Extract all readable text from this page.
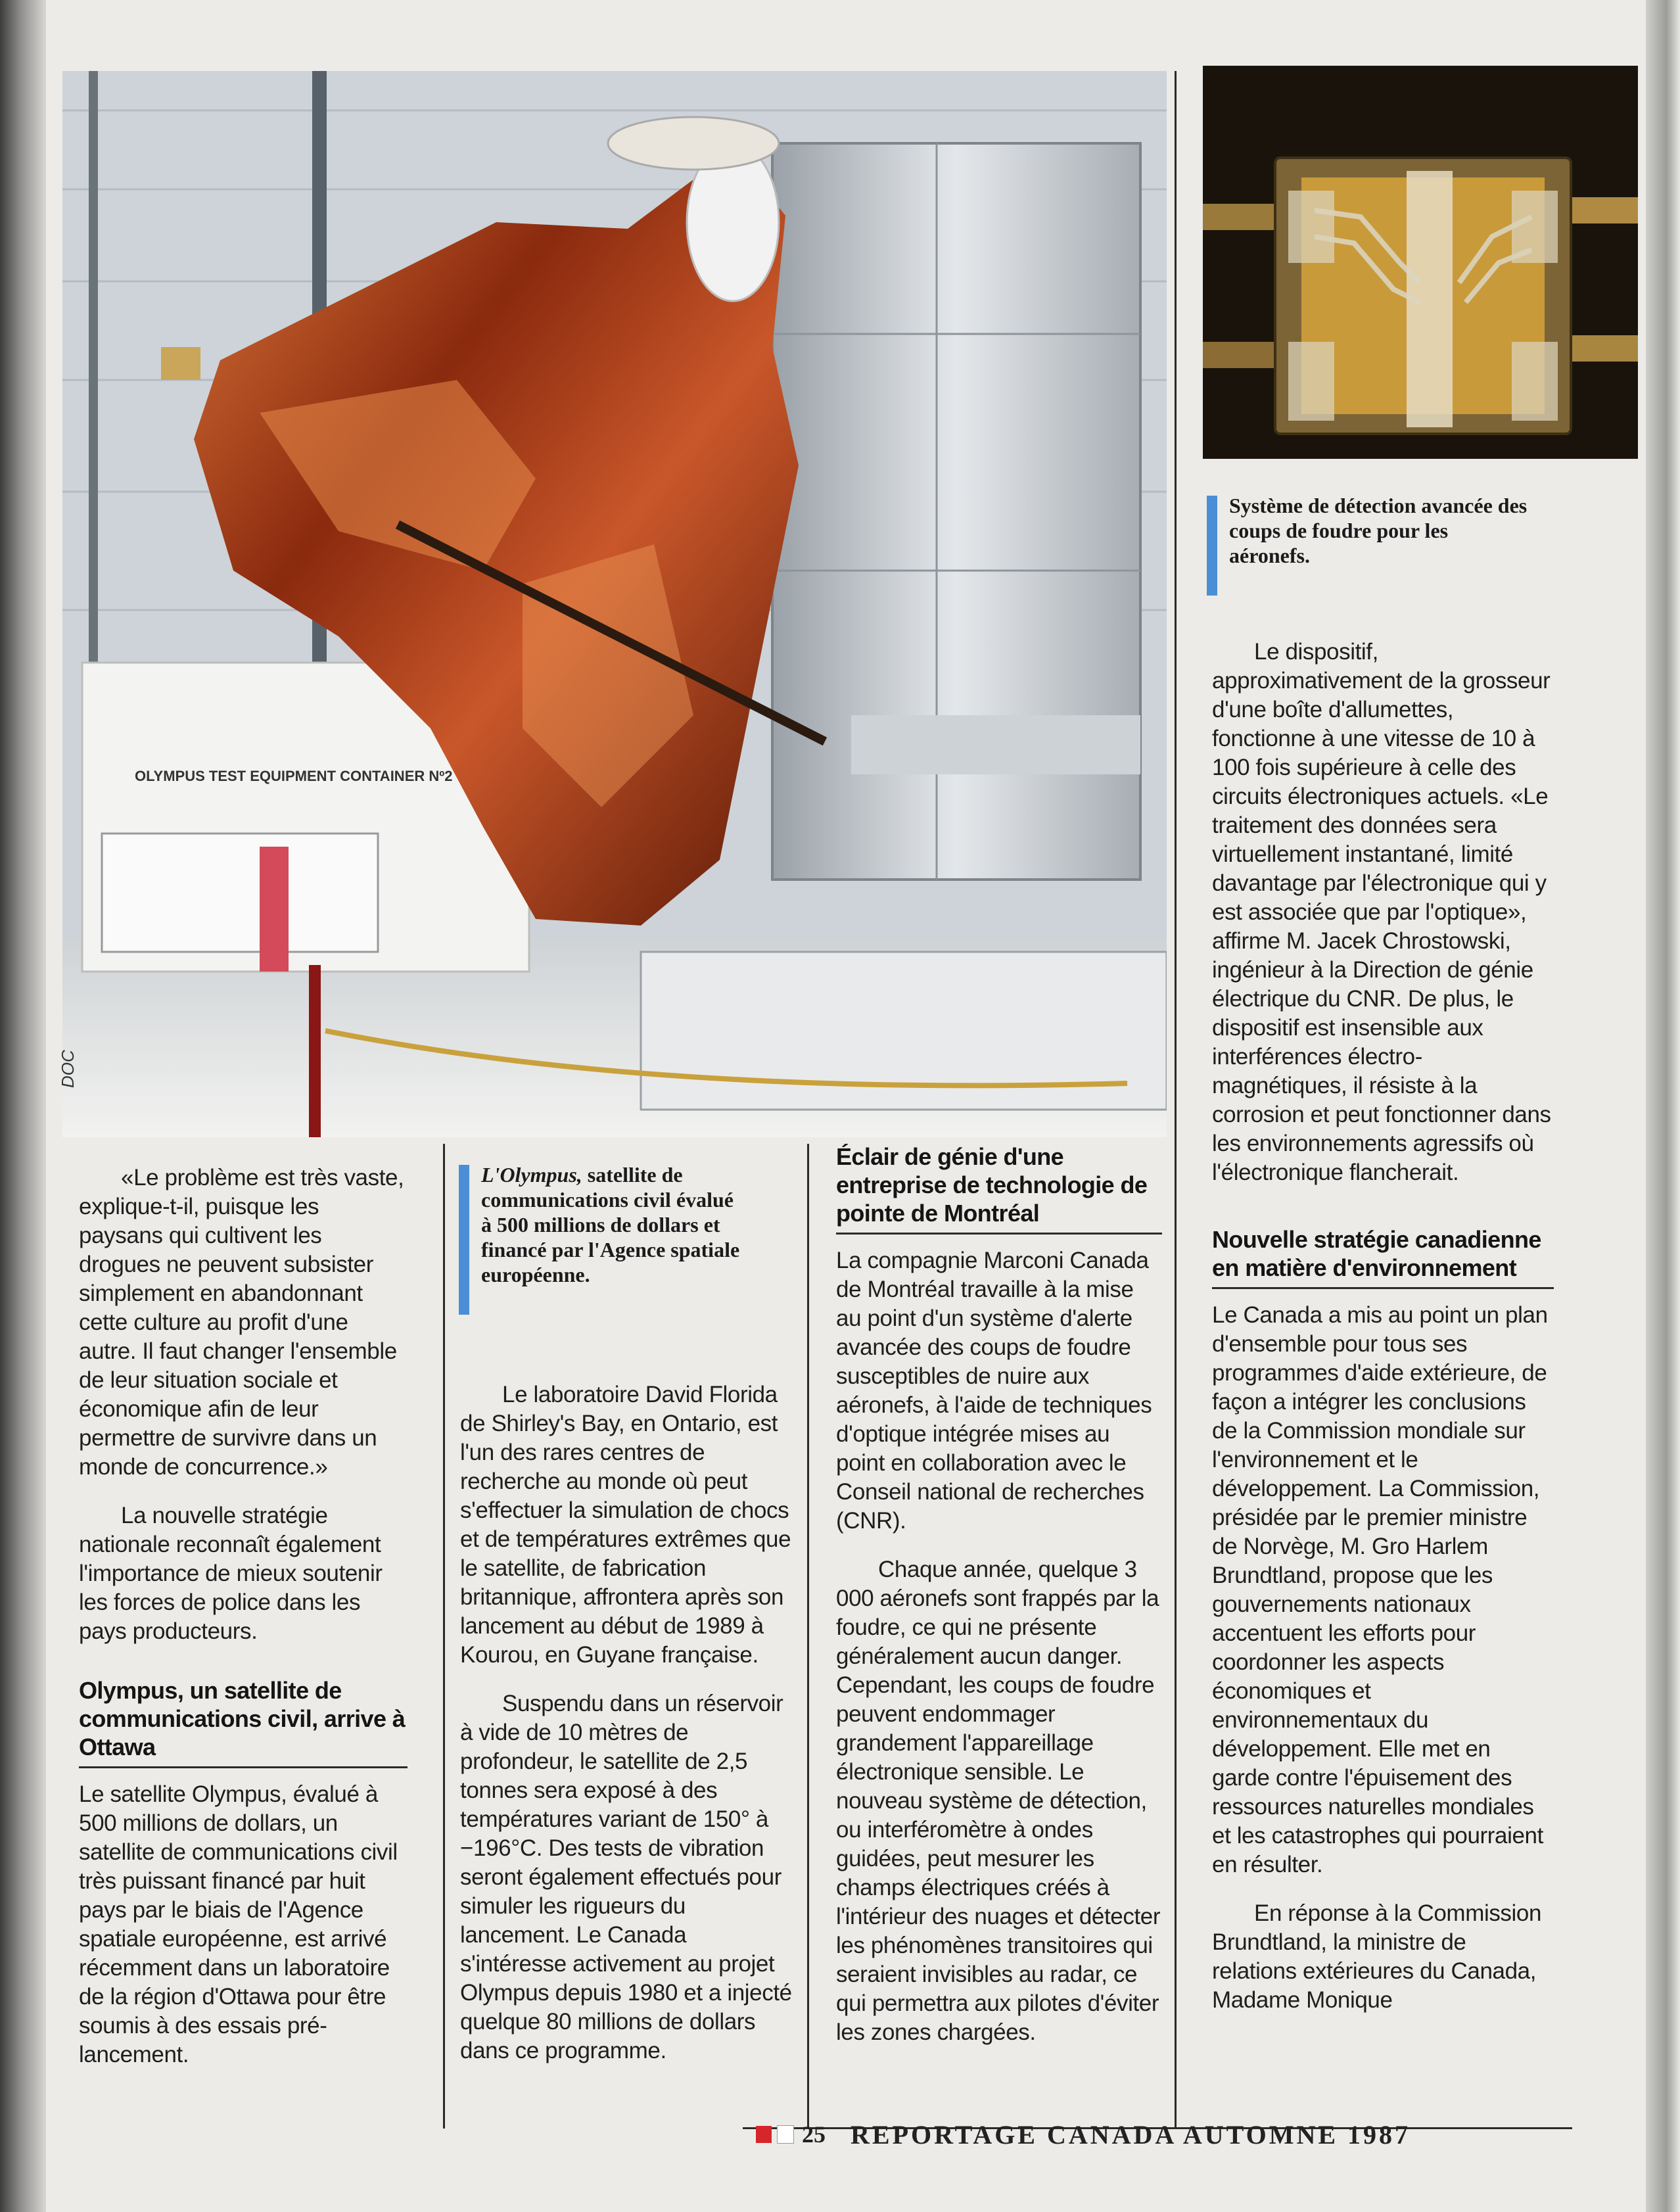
OLYMPUS TEST EQUIPMENT CONTAINER Nº2
DOC
Système de détection avancée des coups de foudre pour les aéronefs.
L'Olympus, satellite de communications civil évalué à 500 millions de dollars et financé par l'Agence spatiale européenne.

«Le problème est très vaste, explique-t-il, puisque les paysans qui cultivent les drogues ne peuvent subsister simplement en abandonnant cette culture au profit d'une autre. Il faut changer l'ensemble de leur situation sociale et économique afin de leur permettre de survivre dans un monde de concurrence.»

La nouvelle stratégie nationale reconnaît également l'importance de mieux soutenir les forces de police dans les pays producteurs.

Olympus, un satellite de communications civil, arrive à Ottawa

Le satellite Olympus, évalué à 500 millions de dollars, un satellite de communications civil très puissant financé par huit pays par le biais de l'Agence spatiale européenne, est arrivé récemment dans un laboratoire de la région d'Ottawa pour être soumis à des essais pré-lancement.

Le laboratoire David Florida de Shirley's Bay, en Ontario, est l'un des rares centres de recherche au monde où peut s'effectuer la simulation de chocs et de températures extrêmes que le satellite, de fabrication britannique, affrontera après son lancement au début de 1989 à Kourou, en Guyane française.

Suspendu dans un réservoir à vide de 10 mètres de profondeur, le satellite de 2,5 tonnes sera exposé à des températures variant de 150° à −196°C. Des tests de vibration seront également effectués pour simuler les rigueurs du lancement. Le Canada s'intéresse activement au projet Olympus depuis 1980 et a injecté quelque 80 millions de dollars dans ce programme.

Éclair de génie d'une entreprise de technologie de pointe de Montréal

La compagnie Marconi Canada de Montréal travaille à la mise au point d'un système d'alerte avancée des coups de foudre susceptibles de nuire aux aéronefs, à l'aide de techniques d'optique intégrée mises au point en collaboration avec le Conseil national de recherches (CNR).

Chaque année, quelque 3 000 aéronefs sont frappés par la foudre, ce qui ne présente généralement aucun danger. Cependant, les coups de foudre peuvent endommager grandement l'appareillage électronique sensible. Le nouveau système de détection, ou interféromètre à ondes guidées, peut mesurer les champs électriques créés à l'intérieur des nuages et détecter les phénomènes transitoires qui seraient invisibles au radar, ce qui permettra aux pilotes d'éviter les zones chargées.

Le dispositif, approximativement de la grosseur d'une boîte d'allumettes, fonctionne à une vitesse de 10 à 100 fois supérieure à celle des circuits électroniques actuels. «Le traitement des données sera virtuellement instantané, limité davantage par l'électronique qui y est associée que par l'optique», affirme M. Jacek Chrostowski, ingénieur à la Direction de génie électrique du CNR. De plus, le dispositif est insensible aux interférences électro-magnétiques, il résiste à la corrosion et peut fonctionner dans les environnements agressifs où l'électronique flancherait.

Nouvelle stratégie canadienne en matière d'environnement

Le Canada a mis au point un plan d'ensemble pour tous ses programmes d'aide extérieure, de façon a intégrer les conclusions de la Commission mondiale sur l'environnement et le développement. La Commission, présidée par le premier ministre de Norvège, M. Gro Harlem Brundtland, propose que les gouvernements nationaux accentuent les efforts pour coordonner les aspects économiques et environnementaux du développement. Elle met en garde contre l'épuisement des ressources naturelles mondiales et les catastrophes qui pourraient en résulter.

En réponse à la Commission Brundtland, la ministre de relations extérieures du Canada, Madame Monique

25 REPORTAGE CANADA AUTOMNE 1987
